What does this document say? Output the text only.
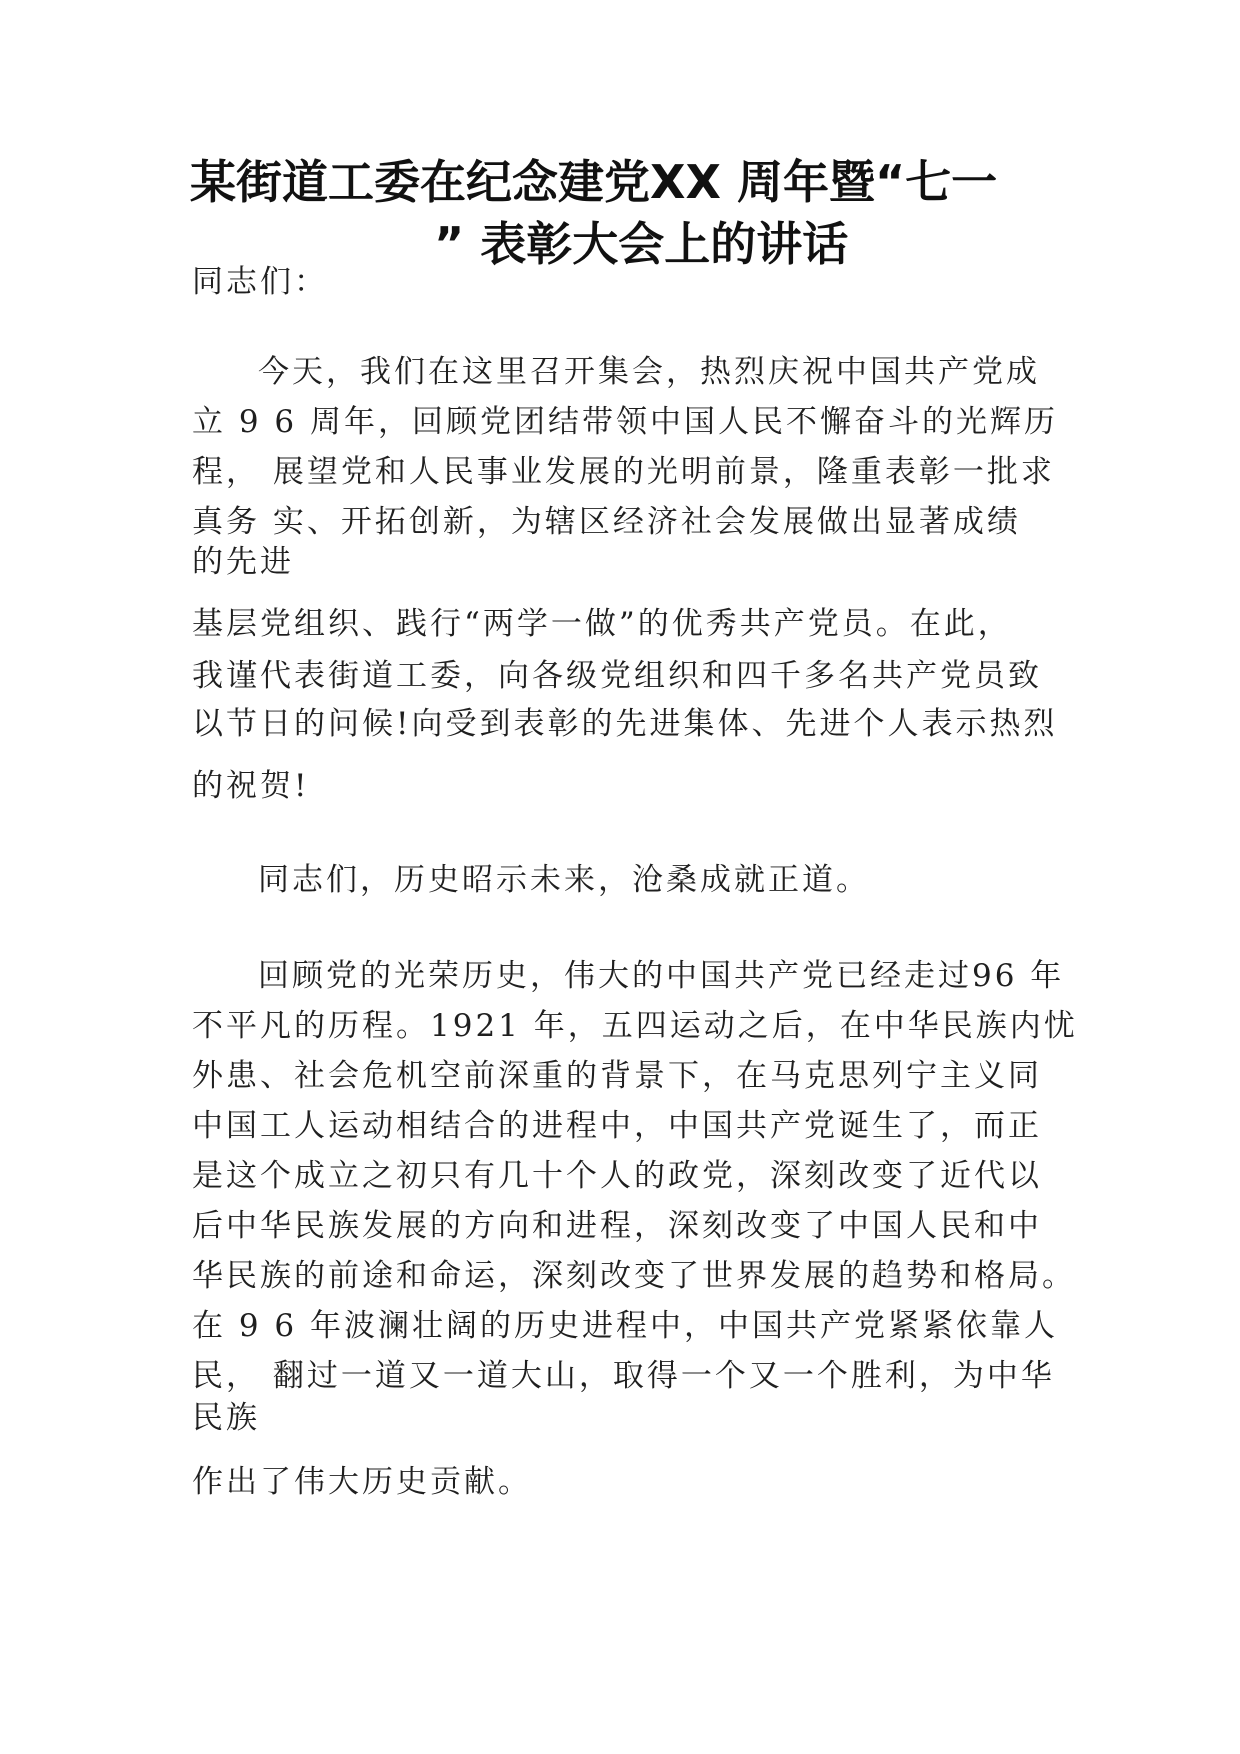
某街道工委在纪念建党XX 周年暨“七一
” 表彰大会上的讲话

同志们：

今天，我们在这里召开集会，热烈庆祝中国共产党成

立 9 6 周年，回顾党团结带领中国人民不懈奋斗的光辉历

程， 展望党和人民事业发展的光明前景，隆重表彰一批求

真务 实、开拓创新，为辖区经济社会发展做出显著成绩

的先进

基层党组织、践行“两学一做”的优秀共产党员。在此，

我谨代表街道工委，向各级党组织和四千多名共产党员致

以节日的问候!向受到表彰的先进集体、先进个人表示热烈

的祝贺!

同志们，历史昭示未来，沧桑成就正道。

回顾党的光荣历史，伟大的中国共产党已经走过96 年

不平凡的历程。1921 年，五四运动之后，在中华民族内忧

外患、社会危机空前深重的背景下，在马克思列宁主义同

中国工人运动相结合的进程中，中国共产党诞生了，而正

是这个成立之初只有几十个人的政党，深刻改变了近代以

后中华民族发展的方向和进程，深刻改变了中国人民和中

华民族的前途和命运，深刻改变了世界发展的趋势和格局。

在 9 6 年波澜壮阔的历史进程中，中国共产党紧紧依靠人

民， 翻过一道又一道大山，取得一个又一个胜利，为中华

民族

作出了伟大历史贡献。
